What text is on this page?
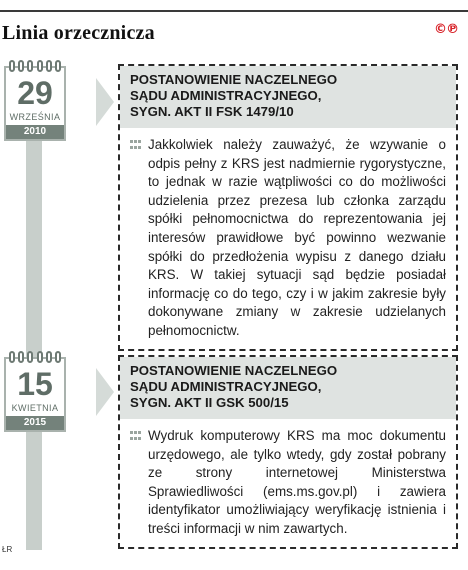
Linia orzecznicza	©℗
29
WRZEŚNIA
2010
POSTANOWIENIE NACZELNEGO
SĄDU ADMINISTRACYJNEGO,
SYGN. AKT II FSK 1479/10
Jakkolwiek należy zauważyć, że wzywanie o odpis pełny z KRS jest nadmiernie rygorystyczne, to jednak w razie wątpliwości co do możliwości udzielenia przez prezesa lub członka zarządu spółki pełnomocnictwa do reprezentowania jej interesów prawidłowe być powinno wezwanie spółki do przedłożenia wypisu z danego działu KRS. W takiej sytuacji sąd będzie posiadał informację co do tego, czy i w jakim zakresie były dokonywane zmiany w zakresie udzielanych pełnomocnictw.
15
KWIETNIA
2015
POSTANOWIENIE NACZELNEGO
SĄDU ADMINISTRACYJNEGO,
SYGN. AKT II GSK 500/15
Wydruk komputerowy KRS ma moc dokumentu urzędowego, ale tylko wtedy, gdy został pobrany ze strony internetowej Ministerstwa Sprawiedliwości (ems.ms.gov.pl) i zawiera identyfikator umożliwiający weryfikację istnienia i treści informacji w nim zawartych.
ŁR
